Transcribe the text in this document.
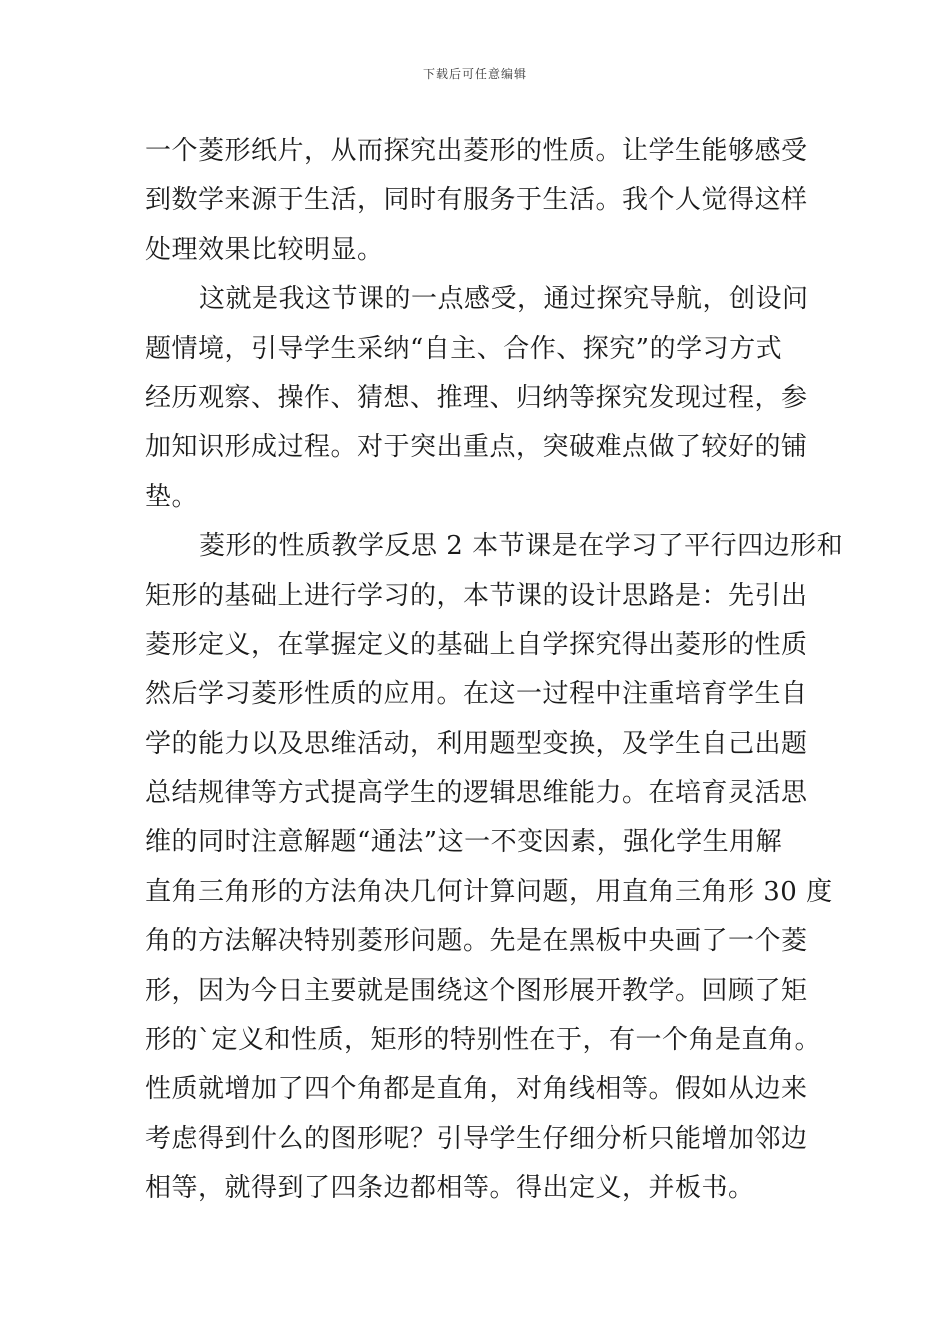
下载后可任意编辑
一个菱形纸片，从而探究出菱形的性质。让学生能够感受
到数学来源于生活，同时有服务于生活。我个人觉得这样
处理效果比较明显。
这就是我这节课的一点感受，通过探究导航，创设问
题情境，引导学生采纳“自主、合作、探究”的学习方式
经历观察、操作、猜想、推理、归纳等探究发现过程，参
加知识形成过程。对于突出重点，突破难点做了较好的铺
垫。
菱形的性质教学反思 2 本节课是在学习了平行四边形和
矩形的基础上进行学习的，本节课的设计思路是：先引出
菱形定义，在掌握定义的基础上自学探究得出菱形的性质
然后学习菱形性质的应用。在这一过程中注重培育学生自
学的能力以及思维活动，利用题型变换，及学生自己出题
总结规律等方式提高学生的逻辑思维能力。在培育灵活思
维的同时注意解题“通法”这一不变因素，强化学生用解
直角三角形的方法角决几何计算问题，用直角三角形 30 度
角的方法解决特别菱形问题。先是在黑板中央画了一个菱
形，因为今日主要就是围绕这个图形展开教学。回顾了矩
形的`定义和性质，矩形的特别性在于，有一个角是直角。
性质就增加了四个角都是直角，对角线相等。假如从边来
考虑得到什么的图形呢？引导学生仔细分析只能增加邻边
相等，就得到了四条边都相等。得出定义，并板书。
